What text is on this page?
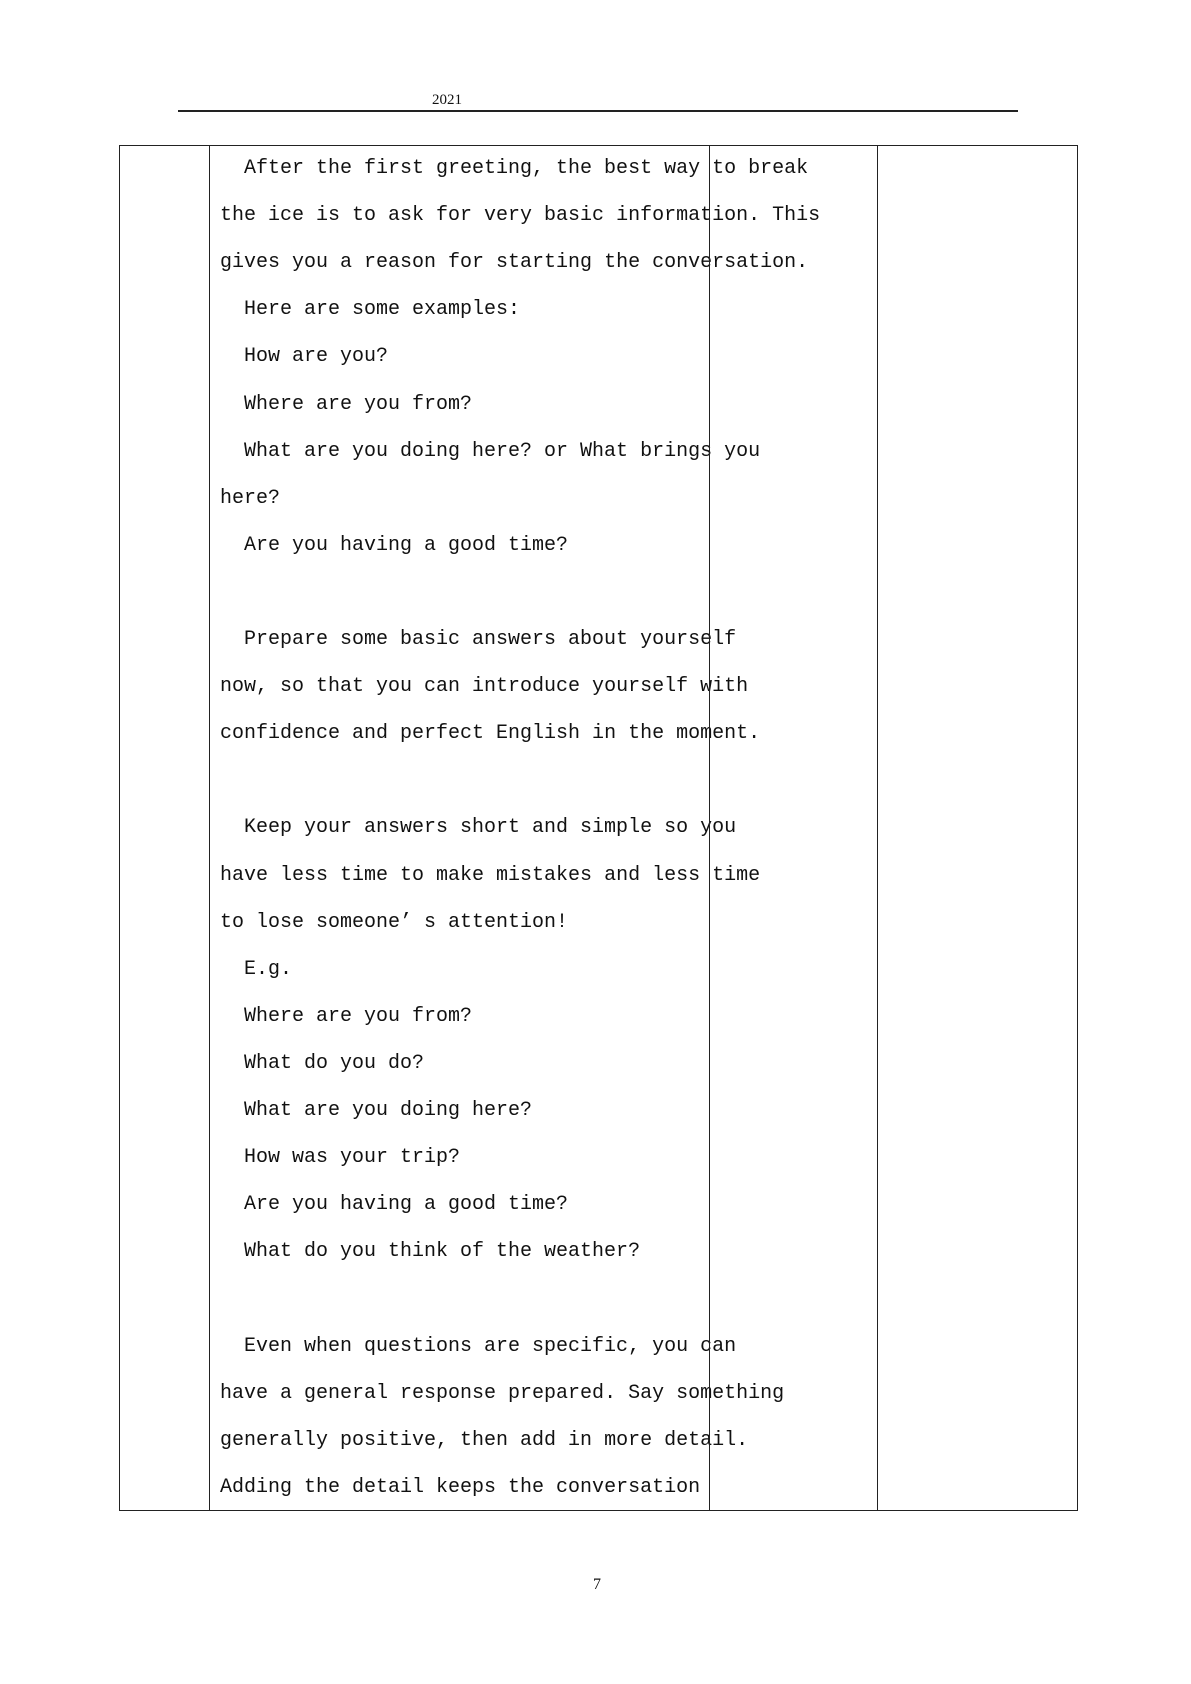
2021
After the first greeting, the best way to break
the ice is to ask for very basic information. This
gives you a reason for starting the conversation.
Here are some examples:
How are you?
Where are you from?
What are you doing here? or What brings you
here?
Are you having a good time?
Prepare some basic answers about yourself
now, so that you can introduce yourself with
confidence and perfect English in the moment.
Keep your answers short and simple so you
have less time to make mistakes and less time
to lose someone’ s attention!
E.g.
Where are you from?
What do you do?
What are you doing here?
How was your trip?
Are you having a good time?
What do you think of the weather?
Even when questions are specific, you can
have a general response prepared. Say something
generally positive, then add in more detail.
Adding the detail keeps the conversation
7
